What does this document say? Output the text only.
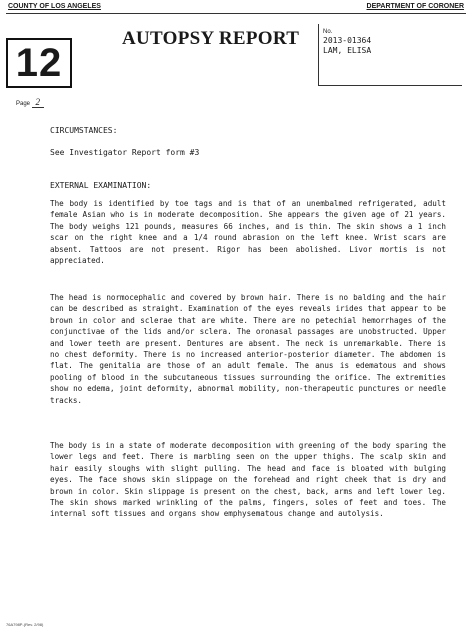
COUNTY OF LOS ANGELES	DEPARTMENT OF CORONER
12
AUTOPSY REPORT	No.
2013-01364
LAM, ELISA
Page 2
CIRCUMSTANCES:
See Investigator Report form #3
EXTERNAL EXAMINATION:

The body is identified by toe tags and is that of an unembalmed refrigerated, adult female Asian who is in moderate decomposition. She appears the given age of 21 years. The body weighs 121 pounds, measures 66 inches, and is thin. The skin shows a 1 inch scar on the right knee and a 1/4 round abrasion on the left knee. Wrist scars are absent. Tattoos are not present. Rigor has been abolished. Livor mortis is not appreciated.

The head is normocephalic and covered by brown hair. There is no balding and the hair can be described as straight. Examination of the eyes reveals irides that appear to be brown in color and sclerae that are white. There are no petechial hemorrhages of the conjunctivae of the lids and/or sclera. The oronasal passages are unobstructed. Upper and lower teeth are present. Dentures are absent. The neck is unremarkable. There is no chest deformity. There is no increased anterior-posterior diameter. The abdomen is flat. The genitalia are those of an adult female. The anus is edematous and shows pooling of blood in the subcutaneous tissues surrounding the orifice. The extremities show no edema, joint deformity, abnormal mobility, non-therapeutic punctures or needle tracks.

The body is in a state of moderate decomposition with greening of the body sparing the lower legs and feet. There is marbling seen on the upper thighs. The scalp skin and hair easily sloughs with slight pulling. The head and face is bloated with bulging eyes. The face shows skin slippage on the forehead and right cheek that is dry and brown in color. Skin slippage is present on the chest, back, arms and left lower leg. The skin shows marked wrinkling of the palms, fingers, soles of feet and toes. The internal soft tissues and organs show emphysematous change and autolysis.

76A798P-(Rev. 2/98)
